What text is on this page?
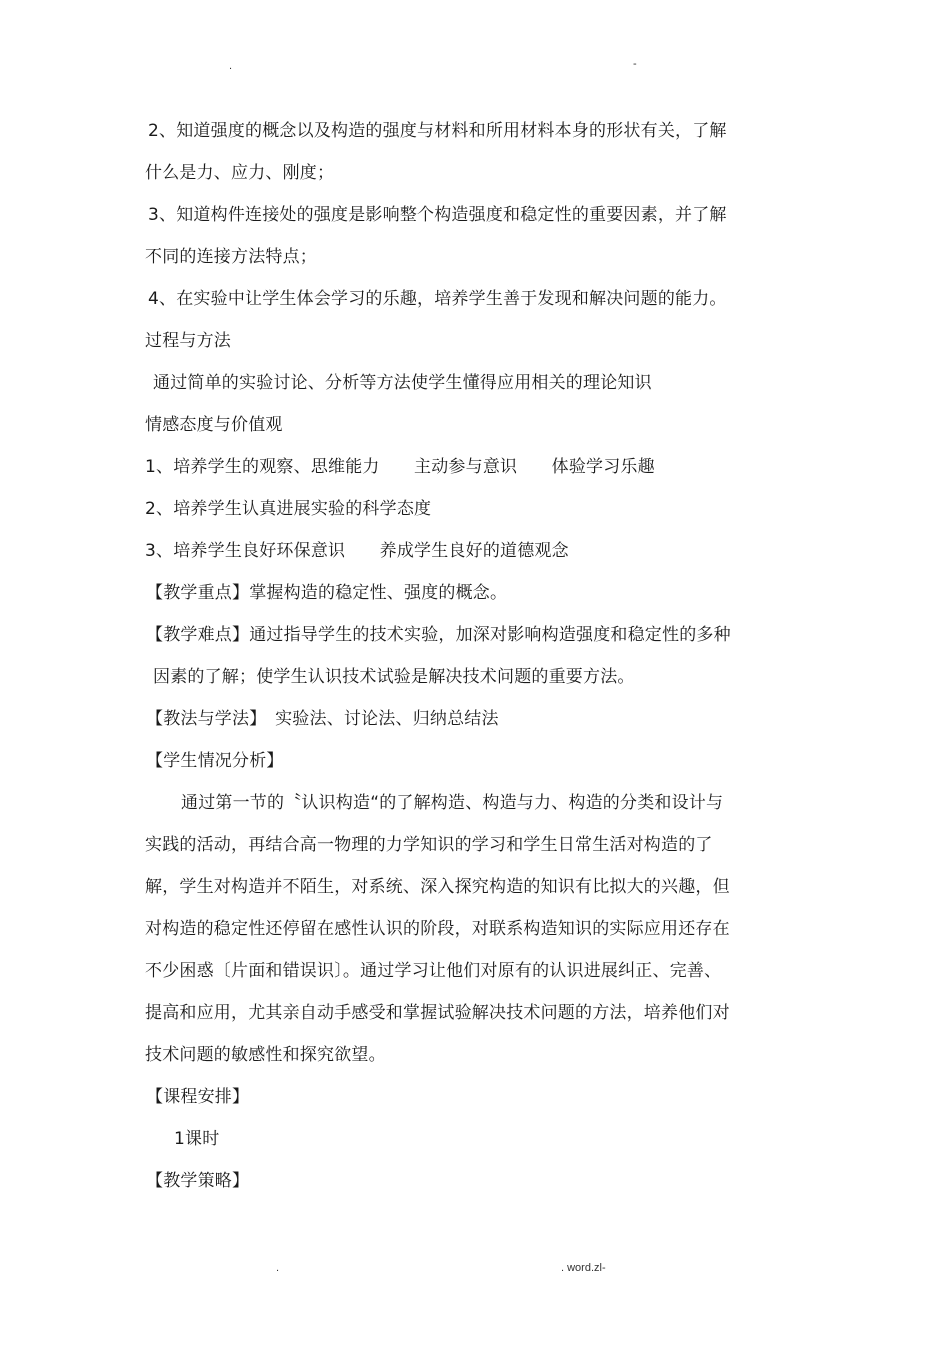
.	-
2、知道强度的概念以及构造的强度与材料和所用材料本身的形状有关，了解
什么是力、应力、刚度；
3、知道构件连接处的强度是影响整个构造强度和稳定性的重要因素，并了解
不同的连接方法特点；
4、在实验中让学生体会学习的乐趣，培养学生善于发现和解决问题的能力。
过程与方法
通过简单的实验讨论、分析等方法使学生懂得应用相关的理论知识
情感态度与价值观
1、培养学生的观察、思维能力　　主动参与意识　　体验学习乐趣
2、培养学生认真进展实验的科学态度
3、培养学生良好环保意识　　养成学生良好的道德观念
【教学重点】掌握构造的稳定性、强度的概念。
【教学难点】通过指导学生的技术实验，加深对影响构造强度和稳定性的多种
因素的了解；使学生认识技术试验是解决技术问题的重要方法。
【教法与学法】　实验法、讨论法、归纳总结法
【学生情况分析】
通过第一节的〝认识构造“的了解构造、构造与力、构造的分类和设计与
实践的活动，再结合高一物理的力学知识的学习和学生日常生活对构造的了
解，学生对构造并不陌生，对系统、深入探究构造的知识有比拟大的兴趣，但
对构造的稳定性还停留在感性认识的阶段，对联系构造知识的实际应用还存在
不少困惑〔片面和错误识〕。通过学习让他们对原有的认识进展纠正、完善、
提高和应用，尤其亲自动手感受和掌握试验解决技术问题的方法，培养他们对
技术问题的敏感性和探究欲望。
【课程安排】
1课时
【教学策略】
.	. word.zl-
